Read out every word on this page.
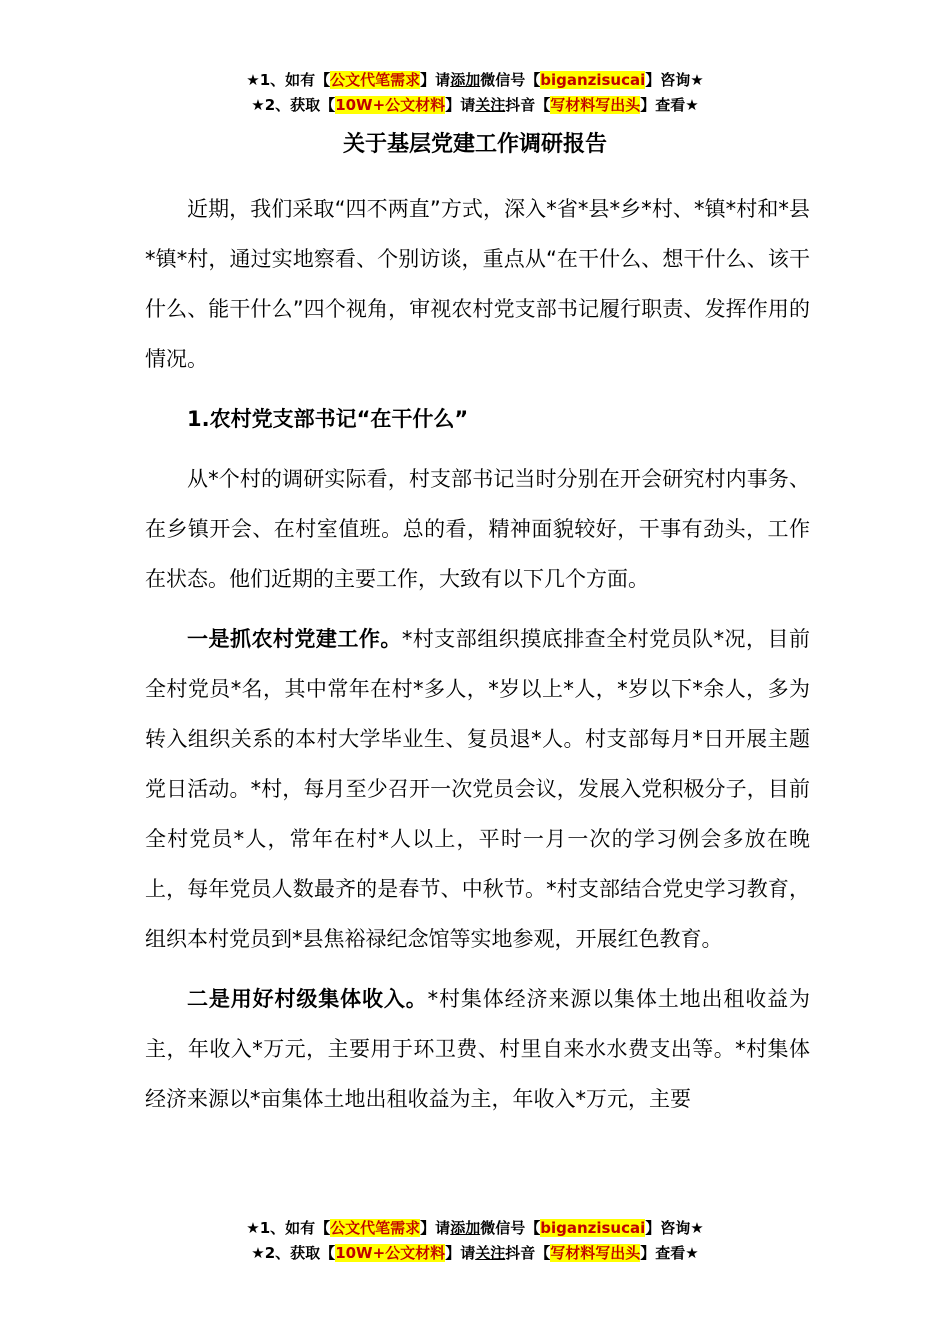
★1、如有【公文代笔需求】请添加微信号【biganzisucai】咨询★
★2、获取【10W+公文材料】请关注抖音【写材料写出头】查看★
关于基层党建工作调研报告

近期，我们采取“四不两直”方式，深入*省*县*乡*村、*镇*村和*县*镇*村，通过实地察看、个别访谈，重点从“在干什么、想干什么、该干什么、能干什么”四个视角，审视农村党支部书记履行职责、发挥作用的情况。

1.农村党支部书记“在干什么”

从*个村的调研实际看，村支部书记当时分别在开会研究村内事务、在乡镇开会、在村室值班。总的看，精神面貌较好，干事有劲头，工作在状态。他们近期的主要工作，大致有以下几个方面。

一是抓农村党建工作。*村支部组织摸底排查全村党员队*况，目前全村党员*名，其中常年在村*多人，*岁以上*人，*岁以下*余人，多为转入组织关系的本村大学毕业生、复员退*人。村支部每月*日开展主题党日活动。*村，每月至少召开一次党员会议，发展入党积极分子，目前全村党员*人，常年在村*人以上，平时一月一次的学习例会多放在晚上，每年党员人数最齐的是春节、中秋节。*村支部结合党史学习教育，组织本村党员到*县焦裕禄纪念馆等实地参观，开展红色教育。

二是用好村级集体收入。*村集体经济来源以集体土地出租收益为主，年收入*万元，主要用于环卫费、村里自来水水费支出等。*村集体经济来源以*亩集体土地出租收益为主，年收入*万元，主要

★1、如有【公文代笔需求】请添加微信号【biganzisucai】咨询★
★2、获取【10W+公文材料】请关注抖音【写材料写出头】查看★
